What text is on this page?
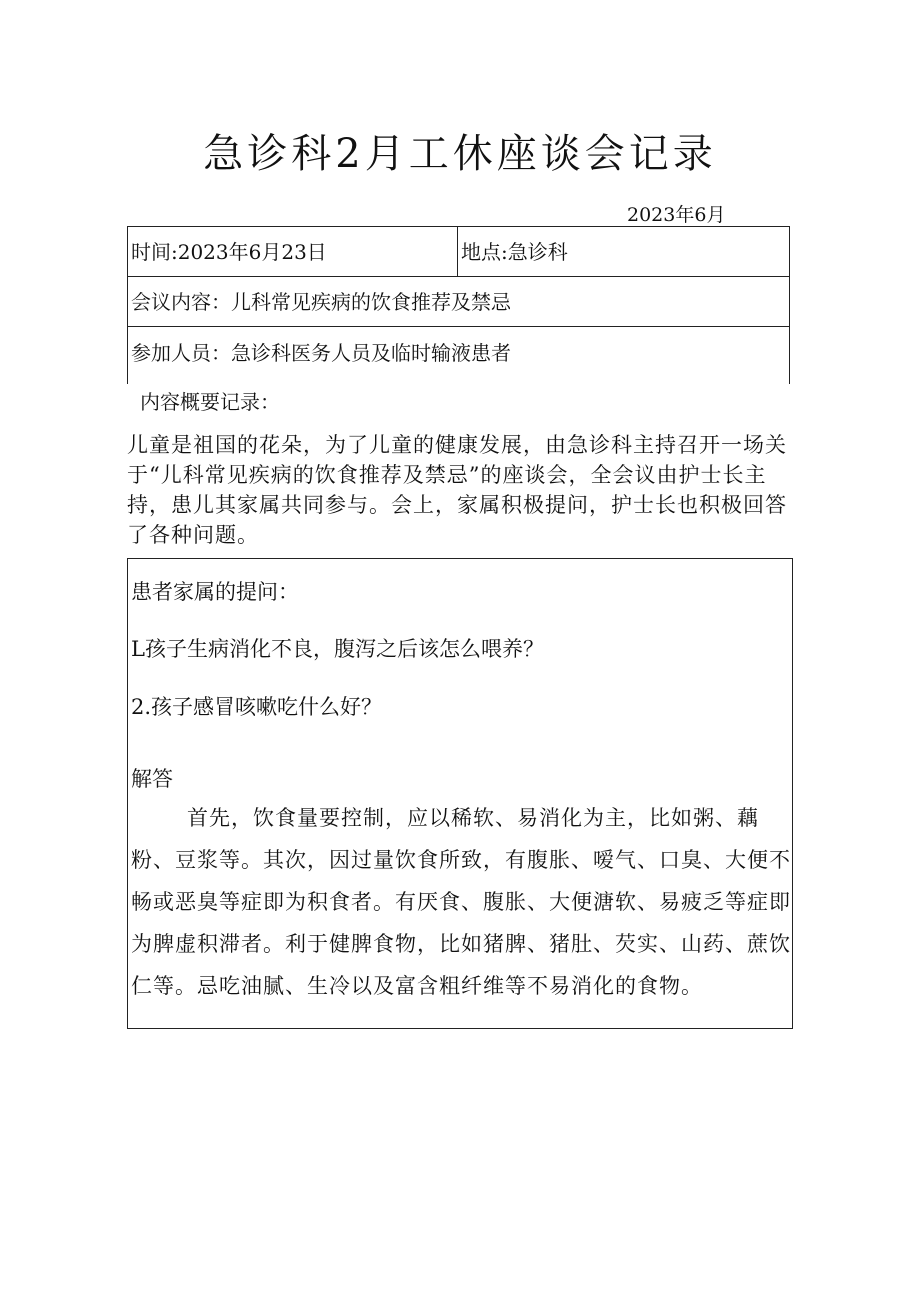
急诊科2月工休座谈会记录
2023年6月
时间:2023年6月23日	地点:急诊科
会议内容：儿科常见疾病的饮食推荐及禁忌
参加人员：急诊科医务人员及临时输液患者
内容概要记录：

儿童是祖国的花朵，为了儿童的健康发展，由急诊科主持召开一场关于“儿科常见疾病的饮食推荐及禁忌”的座谈会，全会议由护士长主持，患儿其家属共同参与。会上，家属积极提问，护士长也积极回答了各种问题。

患者家属的提问：
L孩子生病消化不良，腹泻之后该怎么喂养？
2.孩子感冒咳嗽吃什么好？
解答

首先，饮食量要控制，应以稀软、易消化为主，比如粥、藕粉、豆浆等。其次，因过量饮食所致，有腹胀、嗳气、口臭、大便不畅或恶臭等症即为积食者。有厌食、腹胀、大便溏软、易疲乏等症即为脾虚积滞者。利于健脾食物，比如猪脾、猪肚、芡实、山药、蔗饮仁等。忌吃油腻、生冷以及富含粗纤维等不易消化的食物。
